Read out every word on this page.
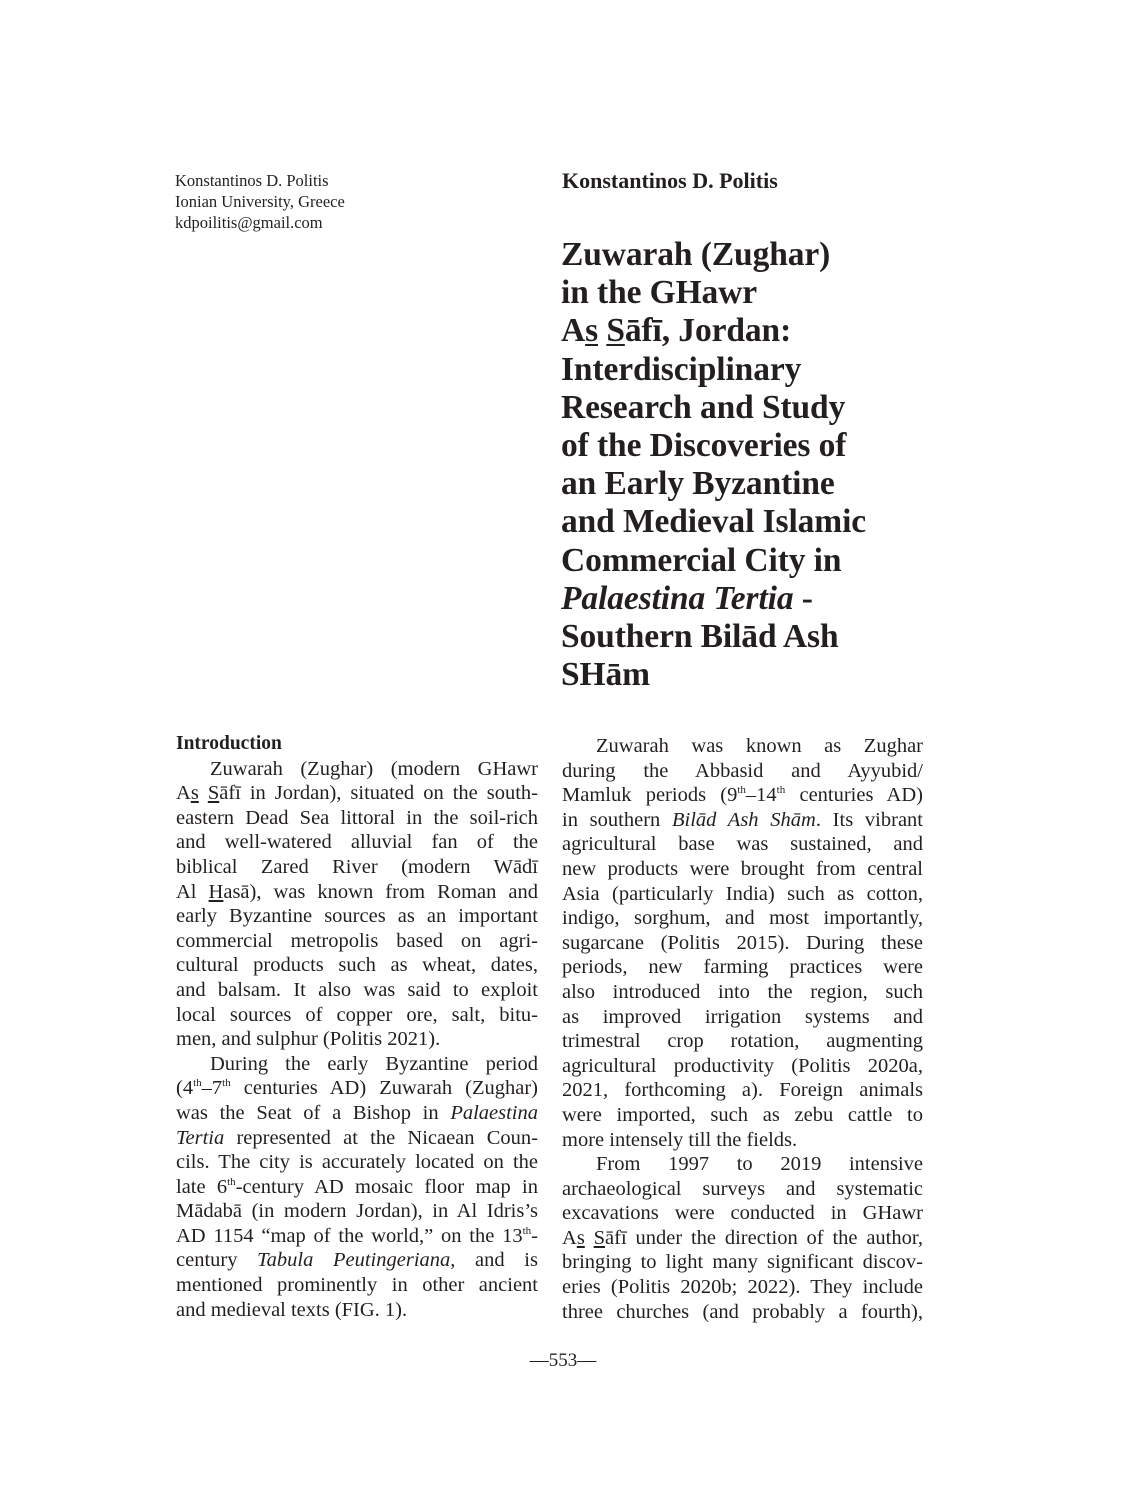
Konstantinos D. Politis
Ionian University, Greece
kdpoilitis@gmail.com
Konstantinos D. Politis
Zuwarah (Zughar)
in the GHawr
As Sāfī, Jordan:
Interdisciplinary
Research and Study
of the Discoveries of
an Early Byzantine
and Medieval Islamic
Commercial City in
Palaestina Tertia -
Southern Bilād Ash
SHām
Introduction
Zuwarah (Zughar) (modern GHawr
As Sāfī in Jordan), situated on the south-
eastern Dead Sea littoral in the soil-rich
and well-watered alluvial fan of the
biblical Zared River (modern Wādī
Al Hasā), was known from Roman and
early Byzantine sources as an important
commercial metropolis based on agri-
cultural products such as wheat, dates,
and balsam. It also was said to exploit
local sources of copper ore, salt, bitu-
men, and sulphur (Politis 2021).
During the early Byzantine period
(4th–7th centuries AD) Zuwarah (Zughar)
was the Seat of a Bishop in Palaestina
Tertia represented at the Nicaean Coun-
cils. The city is accurately located on the
late 6th-century AD mosaic floor map in
Mādabā (in modern Jordan), in Al Idris’s
AD 1154 “map of the world,” on the 13th-
century Tabula Peutingeriana, and is
mentioned prominently in other ancient
and medieval texts (FIG. 1).
Zuwarah was known as Zughar
during the Abbasid and Ayyubid/
Mamluk periods (9th–14th centuries AD)
in southern Bilād Ash Shām. Its vibrant
agricultural base was sustained, and
new products were brought from central
Asia (particularly India) such as cotton,
indigo, sorghum, and most importantly,
sugarcane (Politis 2015). During these
periods, new farming practices were
also introduced into the region, such
as improved irrigation systems and
trimestral crop rotation, augmenting
agricultural productivity (Politis 2020a,
2021, forthcoming a). Foreign animals
were imported, such as zebu cattle to
more intensely till the fields.
From 1997 to 2019 intensive
archaeological surveys and systematic
excavations were conducted in GHawr
As Sāfī under the direction of the author,
bringing to light many significant discov-
eries (Politis 2020b; 2022). They include
three churches (and probably a fourth),
—553—
